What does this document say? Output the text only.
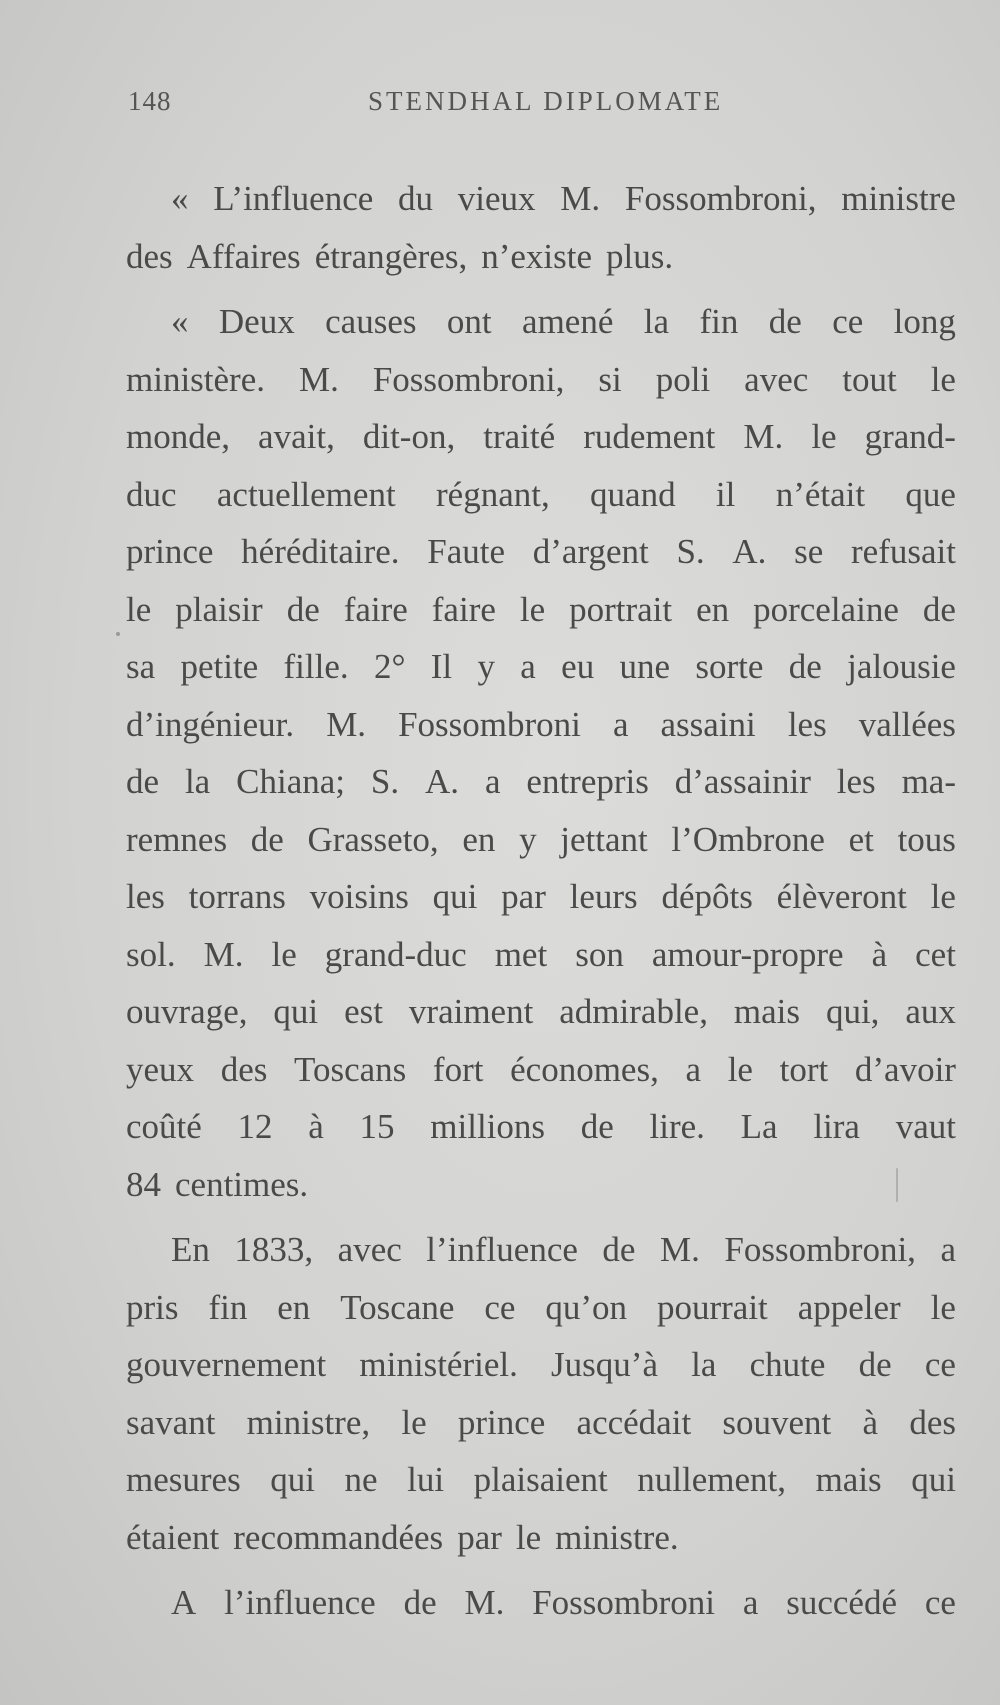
148	STENDHAL DIPLOMATE
« L’influence du vieux M. Fossombroni, ministre
des Affaires étrangères, n’existe plus.
« Deux causes ont amené la fin de ce long
ministère. M. Fossombroni, si poli avec tout le
monde, avait, dit-on, traité rudement M. le grand-
duc actuellement régnant, quand il n’était que
prince héréditaire. Faute d’argent S. A. se refusait
le plaisir de faire faire le portrait en porcelaine de
sa petite fille. 2° Il y a eu une sorte de jalousie
d’ingénieur. M. Fossombroni a assaini les vallées
de la Chiana; S. A. a entrepris d’assainir les ma-
remnes de Grasseto, en y jettant l’Ombrone et tous
les torrans voisins qui par leurs dépôts élèveront le
sol. M. le grand-duc met son amour-propre à cet
ouvrage, qui est vraiment admirable, mais qui, aux
yeux des Toscans fort économes, a le tort d’avoir
coûté 12 à 15 millions de lire. La lira vaut
84 centimes.
En 1833, avec l’influence de M. Fossombroni, a
pris fin en Toscane ce qu’on pourrait appeler le
gouvernement ministériel. Jusqu’à la chute de ce
savant ministre, le prince accédait souvent à des
mesures qui ne lui plaisaient nullement, mais qui
étaient recommandées par le ministre.
A l’influence de M. Fossombroni a succédé ce
